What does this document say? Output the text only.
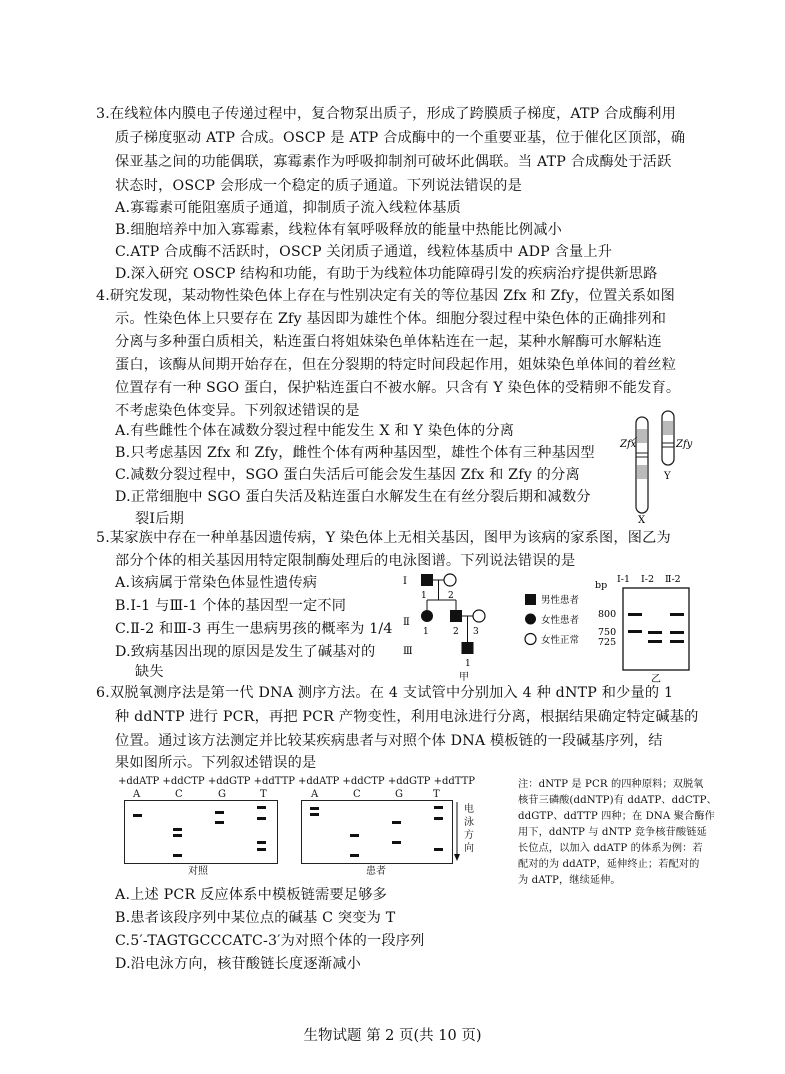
3.在线粒体内膜电子传递过程中，复合物泵出质子，形成了跨膜质子梯度，ATP 合成酶利用
质子梯度驱动 ATP 合成。OSCP 是 ATP 合成酶中的一个重要亚基，位于催化区顶部，确
保亚基之间的功能偶联，寡霉素作为呼吸抑制剂可破坏此偶联。当 ATP 合成酶处于活跃
状态时，OSCP 会形成一个稳定的质子通道。下列说法错误的是
A.寡霉素可能阻塞质子通道，抑制质子流入线粒体基质
B.细胞培养中加入寡霉素，线粒体有氧呼吸释放的能量中热能比例减小
C.ATP 合成酶不活跃时，OSCP 关闭质子通道，线粒体基质中 ADP 含量上升
D.深入研究 OSCP 结构和功能，有助于为线粒体功能障碍引发的疾病治疗提供新思路
4.研究发现，某动物性染色体上存在与性别决定有关的等位基因 Zfx 和 Zfy，位置关系如图
示。性染色体上只要存在 Zfy 基因即为雄性个体。细胞分裂过程中染色体的正确排列和
分离与多种蛋白质相关，粘连蛋白将姐妹染色单体粘连在一起，某种水解酶可水解粘连
蛋白，该酶从间期开始存在，但在分裂期的特定时间段起作用，姐妹染色单体间的着丝粒
位置存有一种 SGO 蛋白，保护粘连蛋白不被水解。只含有 Y 染色体的受精卵不能发育。
不考虑染色体变异。下列叙述错误的是
A.有些雌性个体在减数分裂过程中能发生 X 和 Y 染色体的分离
B.只考虑基因 Zfx 和 Zfy，雌性个体有两种基因型，雄性个体有三种基因型
C.减数分裂过程中，SGO 蛋白失活后可能会发生基因 Zfx 和 Zfy 的分离
D.正常细胞中 SGO 蛋白失活及粘连蛋白水解发生在有丝分裂后期和减数分
裂Ⅰ后期
Zfx	Zfy
Y
X
5.某家族中存在一种单基因遗传病，Y 染色体上无相关基因，图甲为该病的家系图，图乙为
部分个体的相关基因用特定限制酶处理后的电泳图谱。下列说法错误的是
A.该病属于常染色体显性遗传病
B.Ⅰ-1 与Ⅲ-1 个体的基因型一定不同
C.Ⅱ-2 和Ⅲ-3 再生一患病男孩的概率为 1/4
D.致病基因出现的原因是发生了碱基对的
缺失
Ⅰ
Ⅱ
Ⅲ
1 2
1	2 3
1
甲
男性患者
女性患者
女性正常
bp
Ⅰ-1 Ⅰ-2 Ⅱ-2
800
750
725
乙
6.双脱氧测序法是第一代 DNA 测序方法。在 4 支试管中分别加入 4 种 dNTP 和少量的 1
种 ddNTP 进行 PCR，再把 PCR 产物变性，利用电泳进行分离，根据结果确定特定碱基的
位置。通过该方法测定并比较某疾病患者与对照个体 DNA 模板链的一段碱基序列，结
果如图所示。下列叙述错误的是
+ddATP +ddCTP +ddGTP +ddTTP +ddATP +ddCTP +ddGTP +ddTTP
A	C	G	T	A	C	G	T
对照	患者
电
泳
方
向
注：dNTP 是 PCR 的四种原料；双脱氧
核苷三磷酸(ddNTP)有 ddATP、ddCTP、
ddGTP、ddTTP 四种；在 DNA 聚合酶作
用下，ddNTP 与 dNTP 竞争核苷酸链延
长位点，以加入 ddATP 的体系为例：若
配对的为 ddATP，延伸终止；若配对的
为 dATP，继续延伸。
A.上述 PCR 反应体系中模板链需要足够多
B.患者该段序列中某位点的碱基 C 突变为 T
C.5′-TAGTGCCCATC-3′为对照个体的一段序列
D.沿电泳方向，核苷酸链长度逐渐减小
生物试题 第 2 页(共 10 页)
